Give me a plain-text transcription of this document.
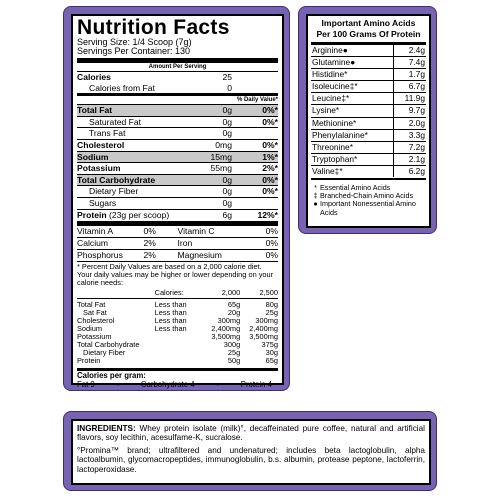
Nutrition Facts
Serving Size: 1/4 Scoop (7g)
Servings Per Container: 130
Amount Per Serving
Calories	25
Calories from Fat	0
% Daily Value*
Total Fat	0g	0%*
Saturated Fat	0g	0%*
Trans Fat	0g
Cholesterol	0mg	0%*
Sodium	15mg	1%*
Potassium	55mg	2%*
Total Carbohydrate	0g	0%*
Dietary Fiber	0g	0%*
Sugars	0g
Protein (23g per scoop)	6g	12%*
Vitamin A	0%	Vitamin C	0%
Calcium	2%	Iron	0%
Phosphorus	2%	Magnesium	0%
* Percent Daily Values are based on a 2,000 calorie diet. Your daily values may be higher or lower depending on your calorie needs:
Calories:	2,000	2,500
Total Fat	Less than	65g	80g
Sat Fat	Less than	20g	25g
Cholesterol	Less than	300mg	300mg
Sodium	Less than	2,400mg	2,400mg
Potassium	3,500mg	3,500mg
Total Carbohydrate	300g	375g
Dietary Fiber	25g	30g
Protein	50g	65g
Calories per gram:
Fat 9	•	Carbohydrate 4	•	Protein 4
Important Amino Acids
Per 100 Grams Of Protein
Arginine●	2.4g
Glutamine●	7.4g
Histidine*	1.7g
Isoleucine‡*	6.7g
Leucine‡*	11.9g
Lysine*	9.7g
Methionine*	2.0g
Phenylalanine*	3.3g
Threonine*	7.2g
Tryptophan*	2.1g
Valine‡*	6.2g
* Essential Amino Acids
‡ Branched-Chain Amino Acids
● Important Nonessential Amino Acids
INGREDIENTS: Whey protein isolate (milk)°, decaffeinated pure coffee, natural and artificial flavors, soy lecithin, acesulfame-K, sucralose.
°Promina™ brand; ultrafiltered and undenatured; includes beta lactoglobulin, alpha lactoalbumin, glycomacropeptides, immunoglobulin, b.s. albumin, protease peptone, lactoferrin, lactoperoxidase.
